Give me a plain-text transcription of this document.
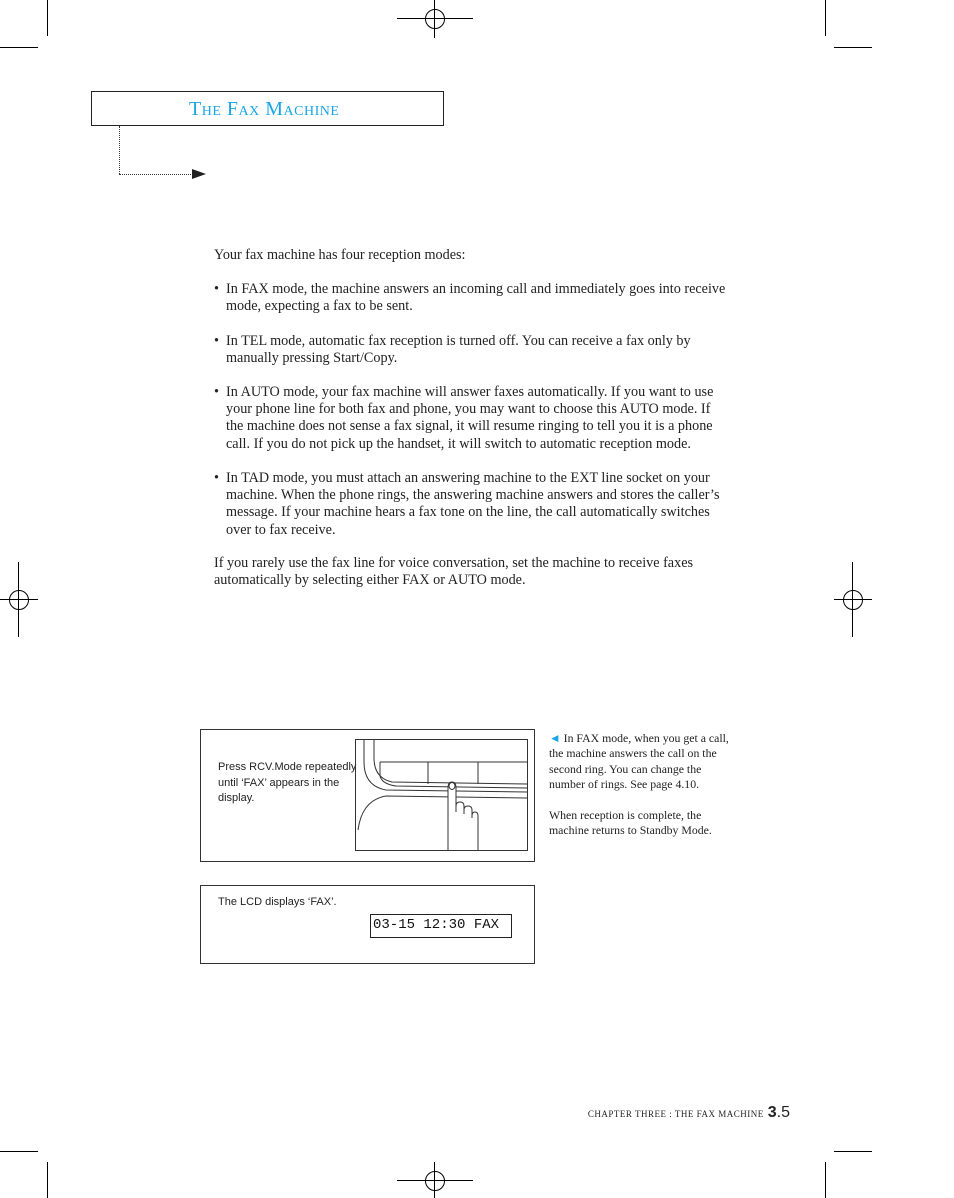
THE FAX MACHINE
Your fax machine has four reception modes:
• In FAX mode, the machine answers an incoming call and immediately goes into receive
mode, expecting a fax to be sent.
• In TEL mode, automatic fax reception is turned off. You can receive a fax only by
manually pressing Start/Copy.
• In AUTO mode, your fax machine will answer faxes automatically. If you want to use
your phone line for both fax and phone, you may want to choose this AUTO mode. If
the machine does not sense a fax signal, it will resume ringing to tell you it is a phone
call. If you do not pick up the handset, it will switch to automatic reception mode.
• In TAD mode, you must attach an answering machine to the EXT line socket on your
machine. When the phone rings, the answering machine answers and stores the caller’s
message. If your machine hears a fax tone on the line, the call automatically switches
over to fax receive.
If you rarely use the fax line for voice conversation, set the machine to receive faxes
automatically by selecting either FAX or AUTO mode.
Press RCV.Mode repeatedly
until ‘FAX’ appears in the
display.
The LCD displays ‘FAX’.
03-15 12:30 FAX
◄ In FAX mode, when you get a call,
the machine answers the call on the
second ring. You can change the
number of rings. See page 4.10.
When reception is complete, the
machine returns to Standby Mode.
CHAPTER THREE : THE FAX MACHINE 3.5
